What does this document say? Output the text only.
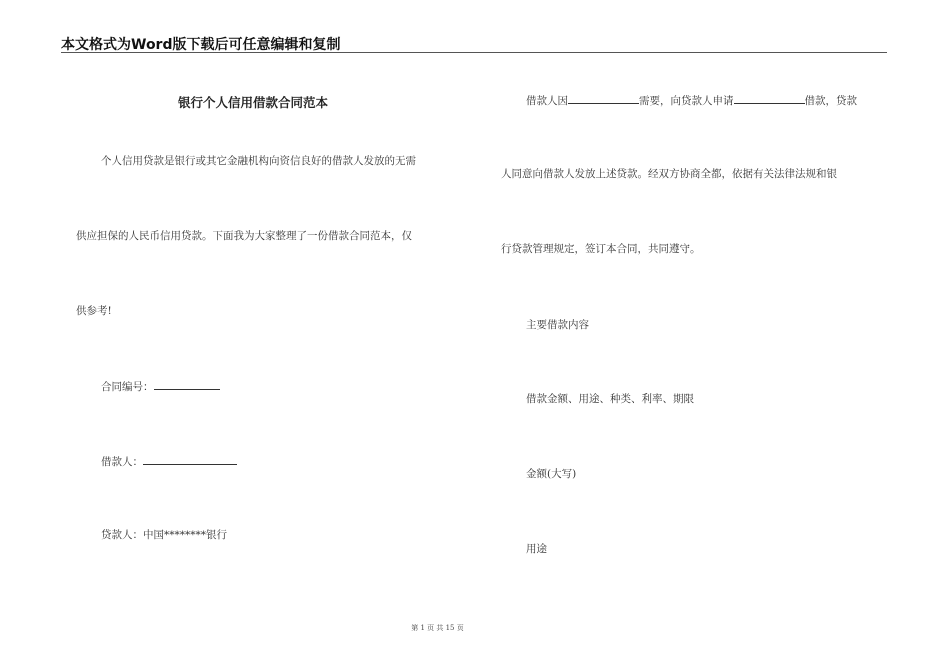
本文格式为Word版下载后可任意编辑和复制
银行个人信用借款合同范本
个人信用贷款是银行或其它金融机构向资信良好的借款人发放的无需
供应担保的人民币信用贷款。下面我为大家整理了一份借款合同范本，仅
供参考!
合同编号：
借款人：
贷款人：中国********银行
借款人因	需要，向贷款人申请	借款，贷款
人同意向借款人发放上述贷款。经双方协商全都，依据有关法律法规和银
行贷款管理规定，签订本合同，共同遵守。
主要借款内容
借款金额、用途、种类、利率、期限
金额(大写)
用途
第 1 页 共 15 页
